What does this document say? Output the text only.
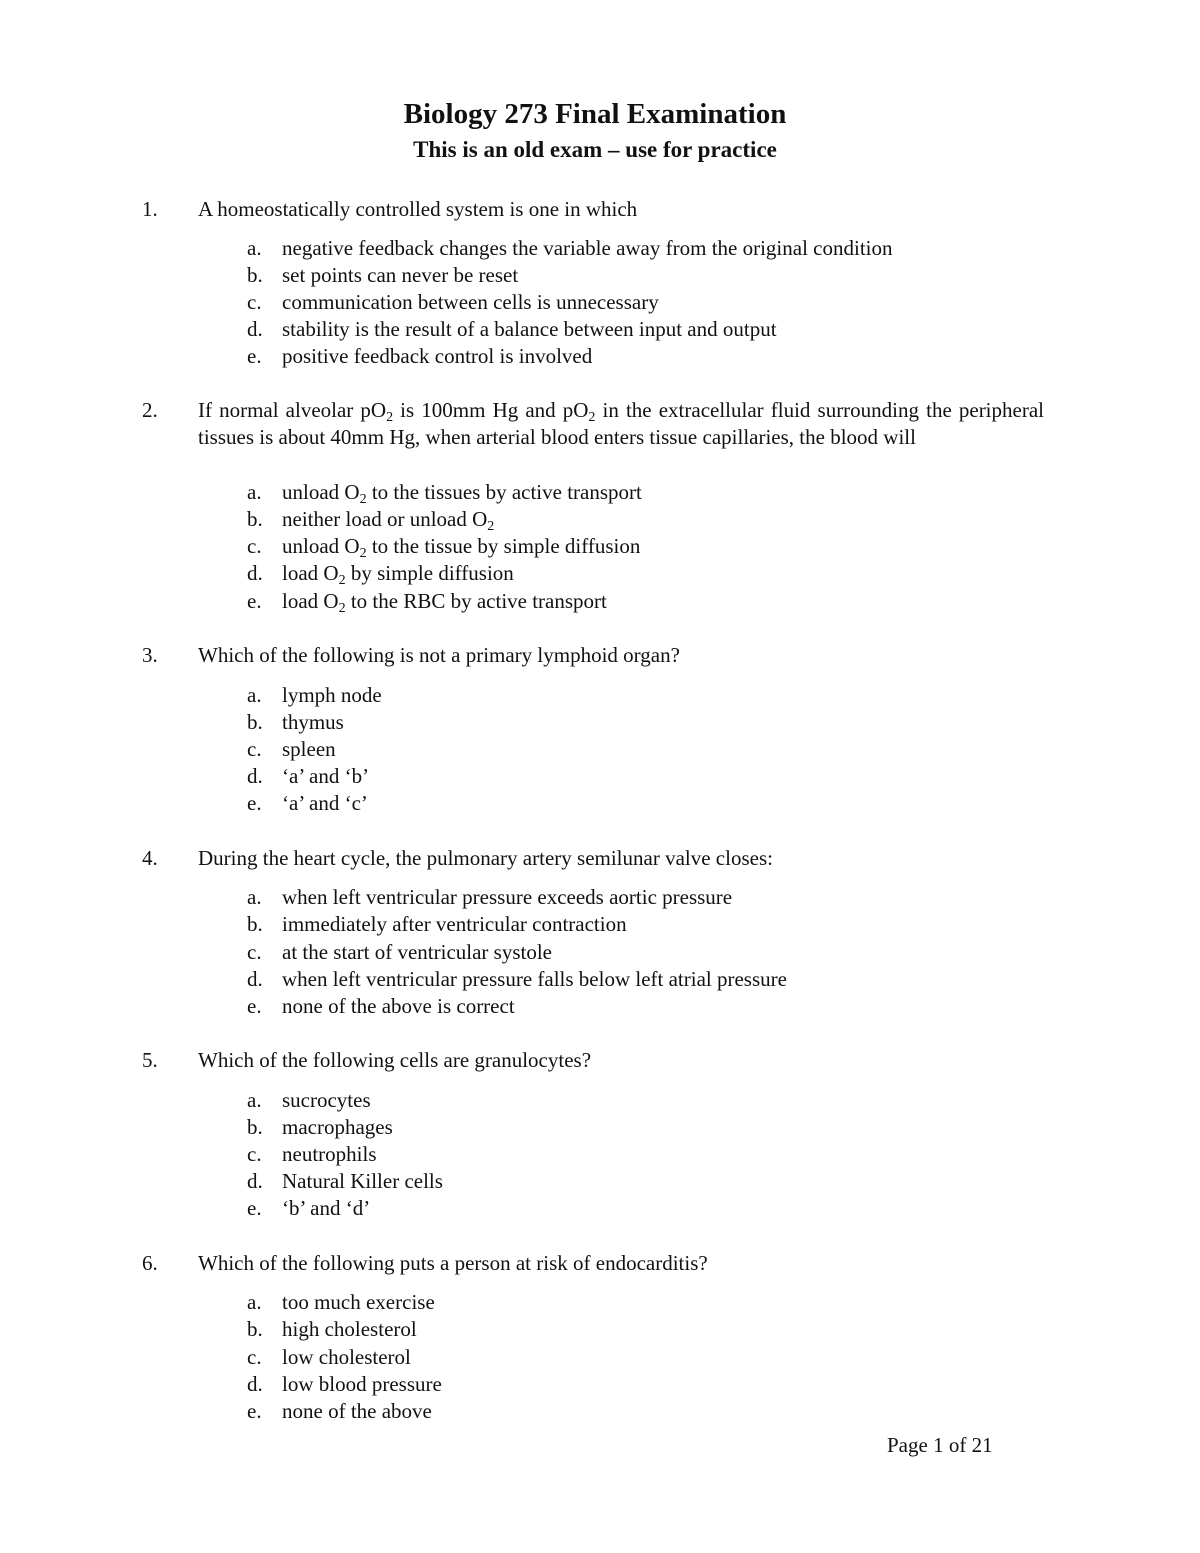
Biology 273 Final Examination
This is an old exam – use for practice
1. A homeostatically controlled system is one in which
a. negative feedback changes the variable away from the original condition
b. set points can never be reset
c. communication between cells is unnecessary
d. stability is the result of a balance between input and output
e. positive feedback control is involved
2. If normal alveolar $pO_2$ is 100mm Hg and $pO_2$ in the extracellular fluid surrounding the peripheral tissues is about 40mm Hg, when arterial blood enters tissue capillaries, the blood will
a. unload $O_2$ to the tissues by active transport
b. neither load or unload $O_2$
c. unload $O_2$ to the tissue by simple diffusion
d. load $O_2$ by simple diffusion
e. load $O_2$ to the RBC by active transport
3. Which of the following is not a primary lymphoid organ?
a. lymph node
b. thymus
c. spleen
d. ‘a’ and ‘b’
e. ‘a’ and ‘c’
4. During the heart cycle, the pulmonary artery semilunar valve closes:
a. when left ventricular pressure exceeds aortic pressure
b. immediately after ventricular contraction
c. at the start of ventricular systole
d. when left ventricular pressure falls below left atrial pressure
e. none of the above is correct
5. Which of the following cells are granulocytes?
a. sucrocytes
b. macrophages
c. neutrophils
d. Natural Killer cells
e. ‘b’ and ‘d’
6. Which of the following puts a person at risk of endocarditis?
a. too much exercise
b. high cholesterol
c. low cholesterol
d. low blood pressure
e. none of the above
Page 1 of 21
